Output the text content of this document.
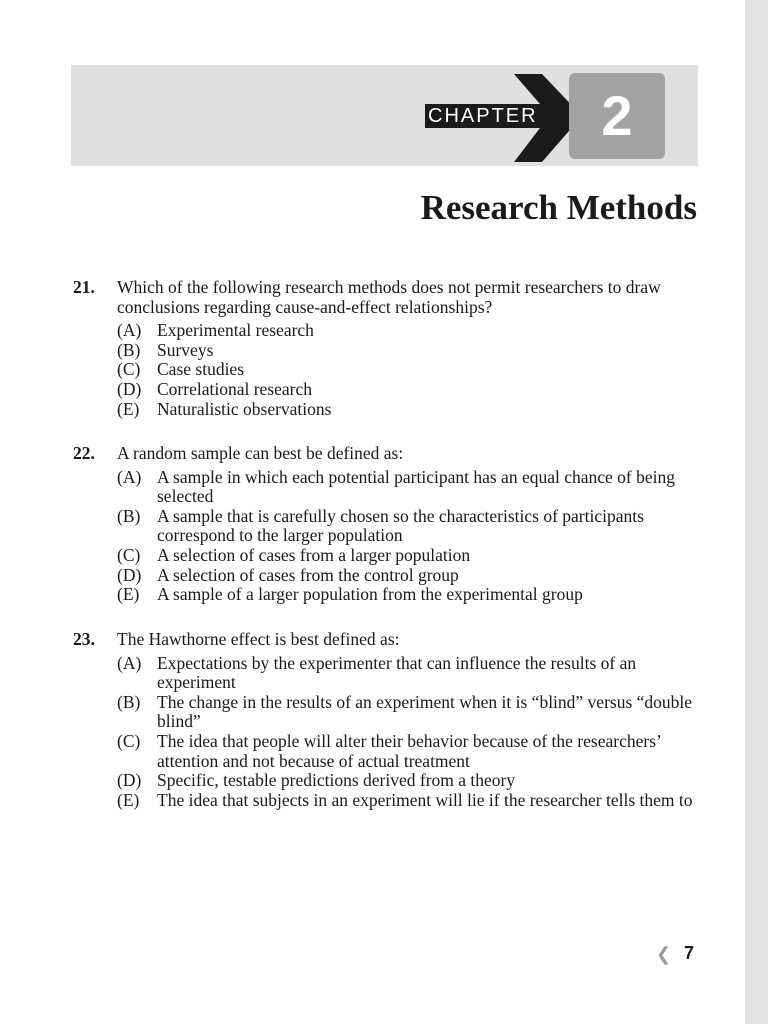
CHAPTER	2
Research Methods
21. Which of the following research methods does not permit researchers to draw conclusions regarding cause-and-effect relationships?
(A) Experimental research
(B) Surveys
(C) Case studies
(D) Correlational research
(E) Naturalistic observations
22. A random sample can best be defined as:
(A) A sample in which each potential participant has an equal chance of being selected
(B) A sample that is carefully chosen so the characteristics of participants correspond to the larger population
(C) A selection of cases from a larger population
(D) A selection of cases from the control group
(E) A sample of a larger population from the experimental group
23. The Hawthorne effect is best defined as:
(A) Expectations by the experimenter that can influence the results of an experiment
(B) The change in the results of an experiment when it is “blind” versus “double blind”
(C) The idea that people will alter their behavior because of the researchers’ attention and not because of actual treatment
(D) Specific, testable predictions derived from a theory
(E) The idea that subjects in an experiment will lie if the researcher tells them to
❮ 7
